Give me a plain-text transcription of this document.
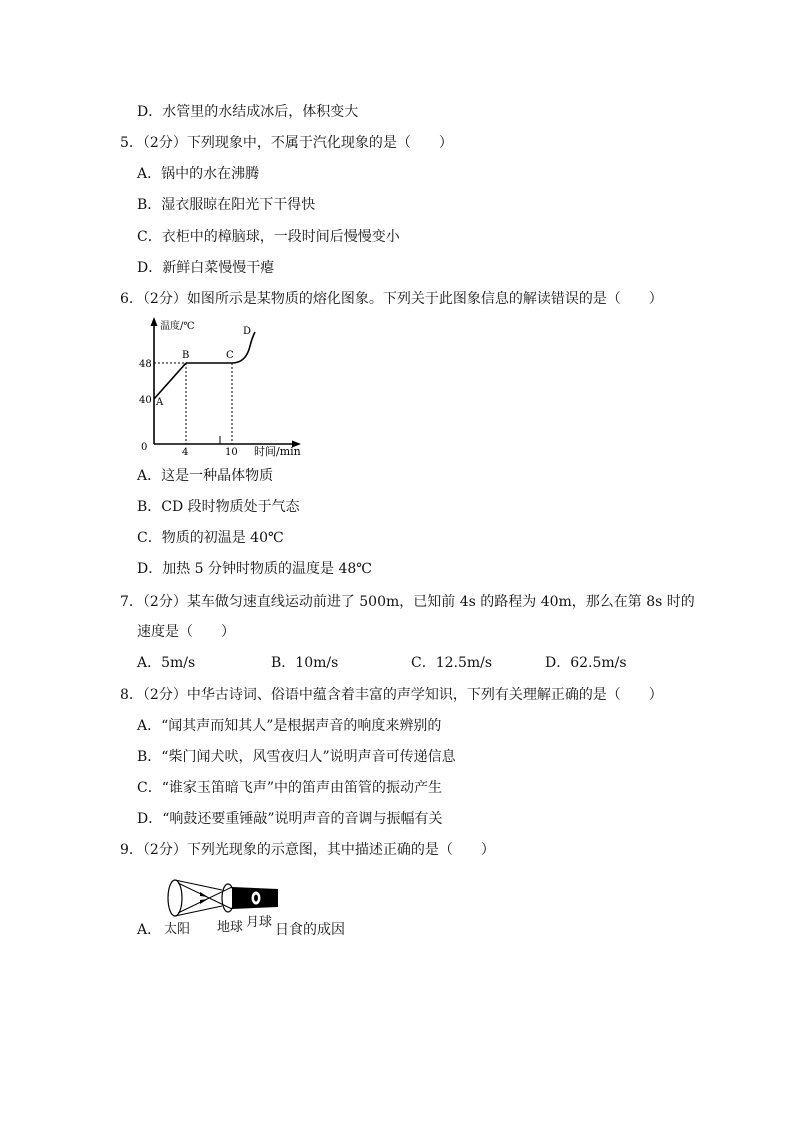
D．水管里的水结成冰后，体积变大
5．（2分）下列现象中，不属于汽化现象的是（　　）
A．锅中的水在沸腾
B．湿衣服晾在阳光下干得快
C．衣柜中的樟脑球，一段时间后慢慢变小
D．新鲜白菜慢慢干瘪
6．（2分）如图所示是某物质的熔化图象。下列关于此图象信息的解读错误的是（　　）
温度/℃
时间/min
0
48
40
4	10
A
B	C
D
A．这是一种晶体物质
B．CD 段时物质处于气态
C．物质的初温是 40℃
D．加热 5 分钟时物质的温度是 48℃
7．（2分）某车做匀速直线运动前进了 500m，已知前 4s 的路程为 40m，那么在第 8s 时的
速度是（　　）
A．5m/s	B．10m/s	C．12.5m/s	D．62.5m/s
8．（2分）中华古诗词、俗语中蕴含着丰富的声学知识，下列有关理解正确的是（　　）
A．“闻其声而知其人”是根据声音的响度来辨别的
B．“柴门闻犬吠，风雪夜归人”说明声音可传递信息
C．“谁家玉笛暗飞声”中的笛声由笛管的振动产生
D．“响鼓还要重锤敲”说明声音的音调与振幅有关
9．（2分）下列光现象的示意图，其中描述正确的是（　　）
A． 太阳 地球 月球 日食的成因
